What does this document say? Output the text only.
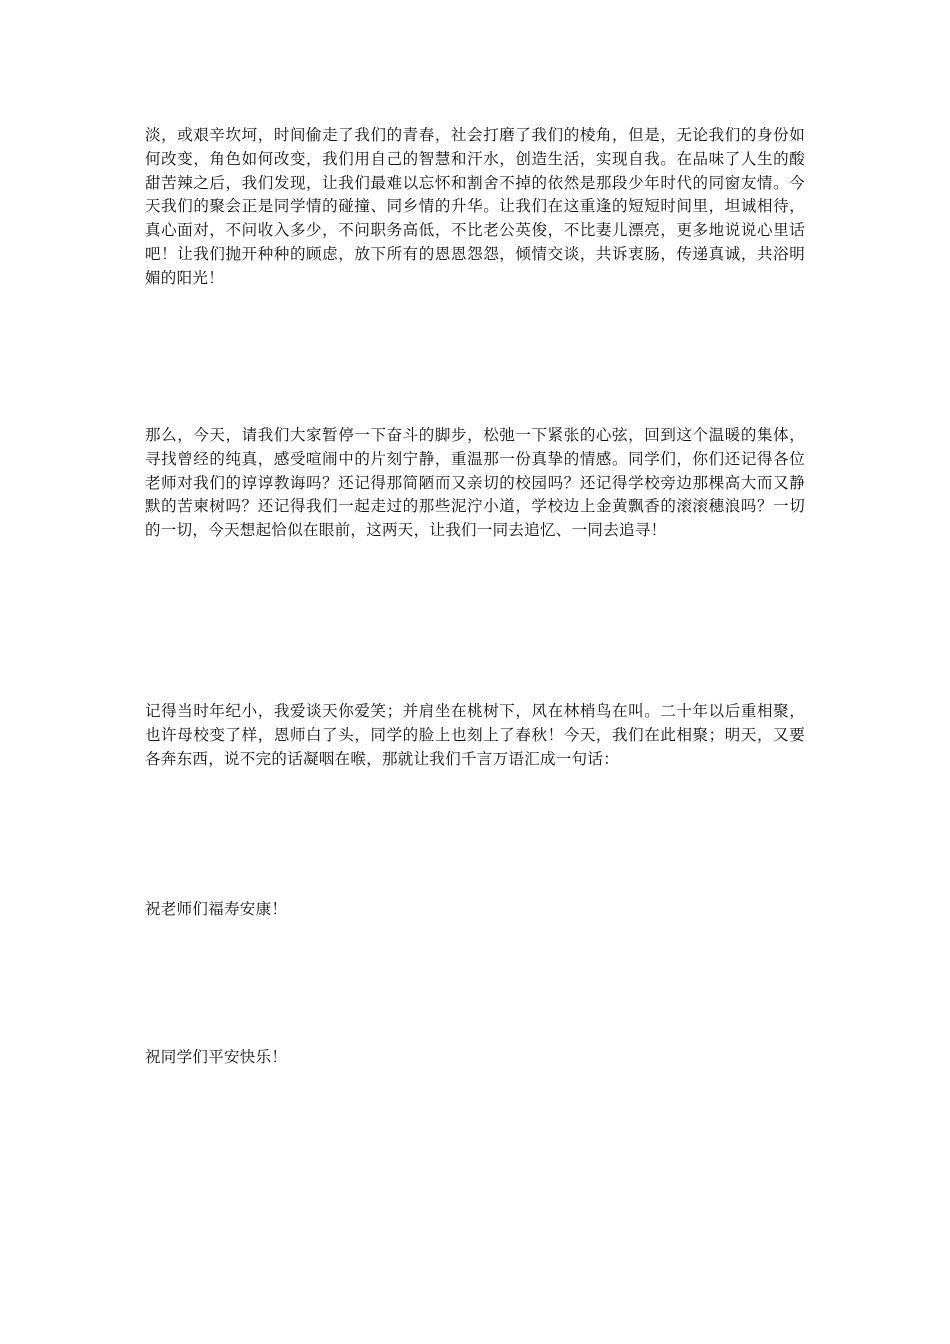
淡，或艰辛坎坷，时间偷走了我们的青春，社会打磨了我们的棱角，但是，无论我们的身份如何改变，角色如何改变，我们用自己的智慧和汗水，创造生活，实现自我。在品味了人生的酸甜苦辣之后，我们发现，让我们最难以忘怀和割舍不掉的依然是那段少年时代的同窗友情。今天我们的聚会正是同学情的碰撞、同乡情的升华。让我们在这重逢的短短时间里，坦诚相待，真心面对，不问收入多少，不问职务高低，不比老公英俊，不比妻儿漂亮，更多地说说心里话吧！让我们抛开种种的顾虑，放下所有的恩恩怨怨，倾情交谈，共诉衷肠，传递真诚，共浴明媚的阳光！

那么，今天，请我们大家暂停一下奋斗的脚步，松弛一下紧张的心弦，回到这个温暖的集体，寻找曾经的纯真，感受喧闹中的片刻宁静，重温那一份真挚的情感。同学们，你们还记得各位老师对我们的谆谆教诲吗？还记得那简陋而又亲切的校园吗？还记得学校旁边那棵高大而又静默的苦柬树吗？还记得我们一起走过的那些泥泞小道，学校边上金黄飘香的滚滚穗浪吗？一切的一切，今天想起恰似在眼前，这两天，让我们一同去追忆、一同去追寻！

记得当时年纪小，我爱谈天你爱笑；并肩坐在桃树下，风在林梢鸟在叫。二十年以后重相聚，也许母校变了样，恩师白了头，同学的脸上也刻上了春秋！今天，我们在此相聚；明天，又要各奔东西，说不完的话凝咽在喉，那就让我们千言万语汇成一句话：

祝老师们福寿安康！

祝同学们平安快乐！
